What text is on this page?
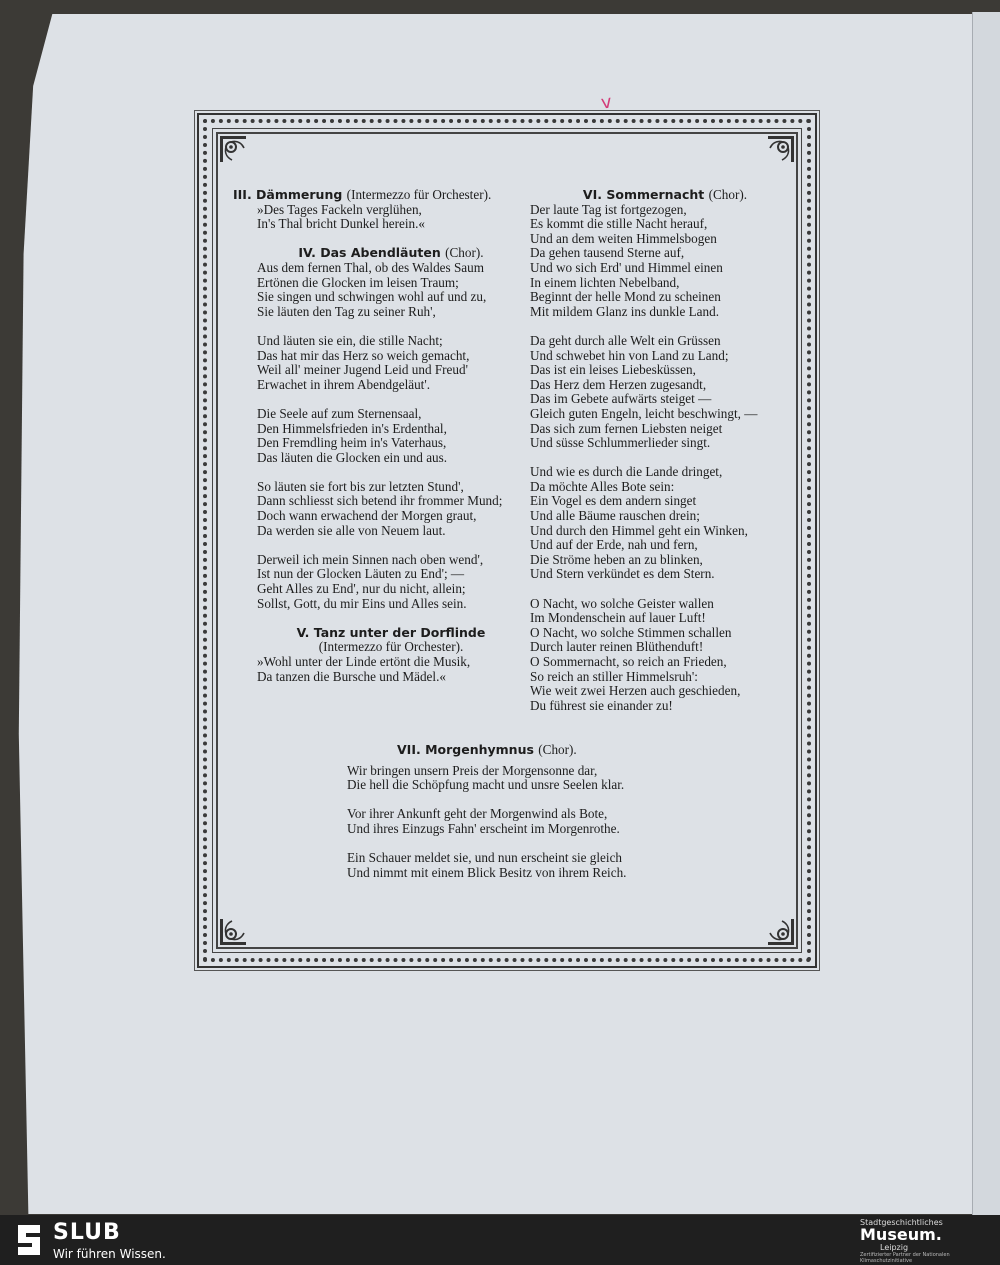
v
III. Dämmerung (Intermezzo für Orchester).
»Des Tages Fackeln verglühen,
In's Thal bricht Dunkel herein.«
IV. Das Abendläuten (Chor).
Aus dem fernen Thal, ob des Waldes Saum
Ertönen die Glocken im leisen Traum;
Sie singen und schwingen wohl auf und zu,
Sie läuten den Tag zu seiner Ruh',
Und läuten sie ein, die stille Nacht;
Das hat mir das Herz so weich gemacht,
Weil all' meiner Jugend Leid und Freud'
Erwachet in ihrem Abendgeläut'.
Die Seele auf zum Sternensaal,
Den Himmelsfrieden in's Erdenthal,
Den Fremdling heim in's Vaterhaus,
Das läuten die Glocken ein und aus.
So läuten sie fort bis zur letzten Stund',
Dann schliesst sich betend ihr frommer Mund;
Doch wann erwachend der Morgen graut,
Da werden sie alle von Neuem laut.
Derweil ich mein Sinnen nach oben wend',
Ist nun der Glocken Läuten zu End'; —
Geht Alles zu End', nur du nicht, allein;
Sollst, Gott, du mir Eins und Alles sein.
V. Tanz unter der Dorflinde
(Intermezzo für Orchester).
»Wohl unter der Linde ertönt die Musik,
Da tanzen die Bursche und Mädel.«
VI. Sommernacht (Chor).
Der laute Tag ist fortgezogen,
Es kommt die stille Nacht herauf,
Und an dem weiten Himmelsbogen
Da gehen tausend Sterne auf,
Und wo sich Erd' und Himmel einen
In einem lichten Nebelband,
Beginnt der helle Mond zu scheinen
Mit mildem Glanz ins dunkle Land.
Da geht durch alle Welt ein Grüssen
Und schwebet hin von Land zu Land;
Das ist ein leises Liebesküssen,
Das Herz dem Herzen zugesandt,
Das im Gebete aufwärts steiget —
Gleich guten Engeln, leicht beschwingt, —
Das sich zum fernen Liebsten neiget
Und süsse Schlummerlieder singt.
Und wie es durch die Lande dringet,
Da möchte Alles Bote sein:
Ein Vogel es dem andern singet
Und alle Bäume rauschen drein;
Und durch den Himmel geht ein Winken,
Und auf der Erde, nah und fern,
Die Ströme heben an zu blinken,
Und Stern verkündet es dem Stern.
O Nacht, wo solche Geister wallen
Im Mondenschein auf lauer Luft!
O Nacht, wo solche Stimmen schallen
Durch lauter reinen Blüthenduft!
O Sommernacht, so reich an Frieden,
So reich an stiller Himmelsruh':
Wie weit zwei Herzen auch geschieden,
Du führest sie einander zu!
VII. Morgenhymnus (Chor).
Wir bringen unsern Preis der Morgensonne dar,
Die hell die Schöpfung macht und unsre Seelen klar.
Vor ihrer Ankunft geht der Morgenwind als Bote,
Und ihres Einzugs Fahn' erscheint im Morgenrothe.
Ein Schauer meldet sie, und nun erscheint sie gleich
Und nimmt mit einem Blick Besitz von ihrem Reich.
SLUB
Wir führen Wissen.
Stadtgeschichtliches
Museum.
Leipzig
Zertifizierter Partner der Nationalen Klimaschutzinitiative
